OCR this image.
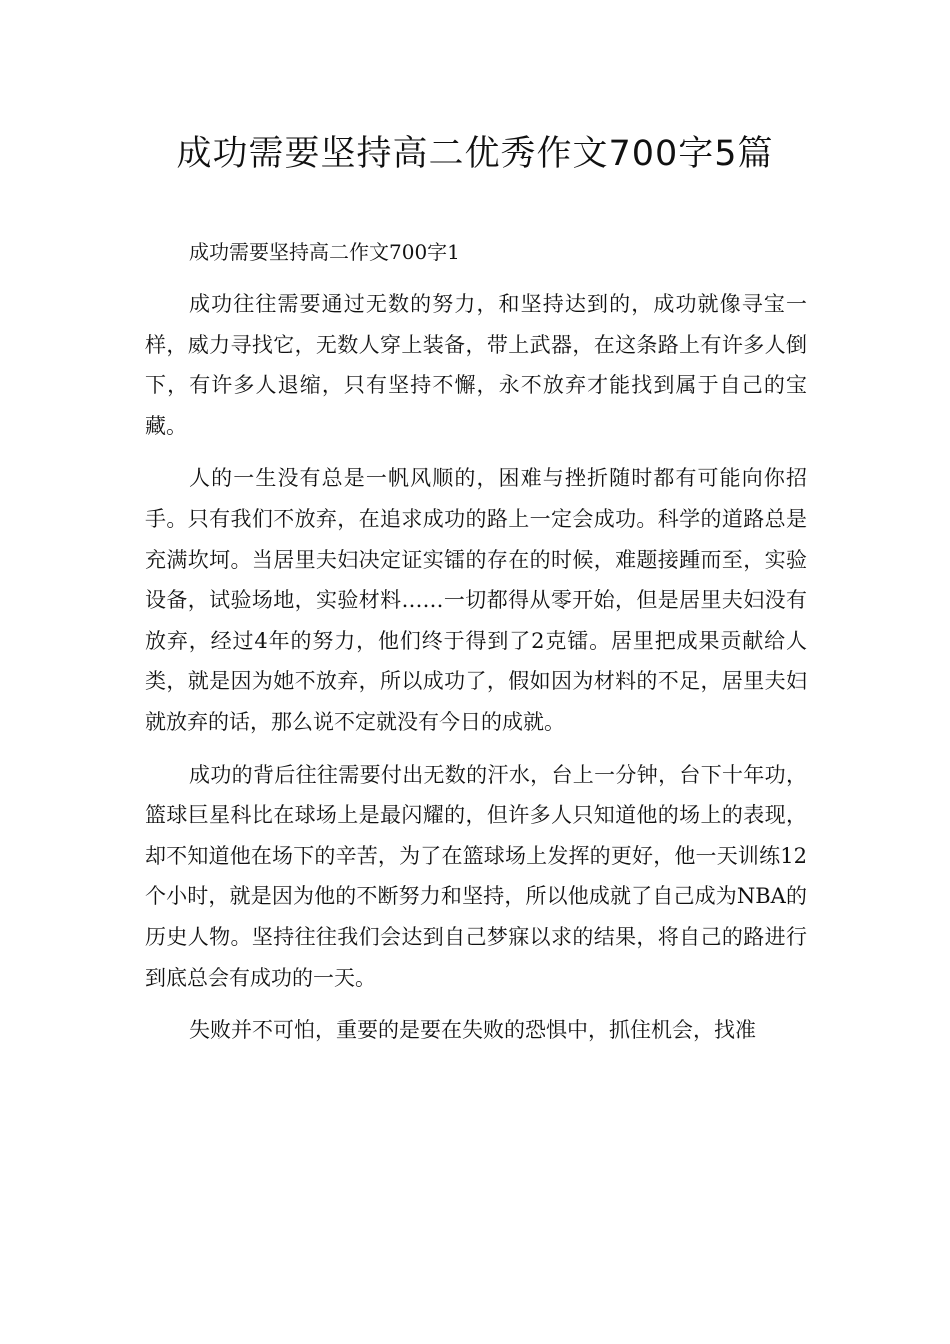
成功需要坚持高二优秀作文700字5篇

成功需要坚持高二作文700字1

成功往往需要通过无数的努力，和坚持达到的，成功就像寻宝一样，威力寻找它，无数人穿上装备，带上武器，在这条路上有许多人倒下，有许多人退缩，只有坚持不懈，永不放弃才能找到属于自己的宝藏。

人的一生没有总是一帆风顺的，困难与挫折随时都有可能向你招手。只有我们不放弃，在追求成功的路上一定会成功。科学的道路总是充满坎坷。当居里夫妇决定证实镭的存在的时候，难题接踵而至，实验设备，试验场地，实验材料……一切都得从零开始，但是居里夫妇没有放弃，经过4年的努力，他们终于得到了2克镭。居里把成果贡献给人类，就是因为她不放弃，所以成功了，假如因为材料的不足，居里夫妇就放弃的话，那么说不定就没有今日的成就。

成功的背后往往需要付出无数的汗水，台上一分钟，台下十年功，篮球巨星科比在球场上是最闪耀的，但许多人只知道他的场上的表现，却不知道他在场下的辛苦，为了在篮球场上发挥的更好，他一天训练12个小时，就是因为他的不断努力和坚持，所以他成就了自己成为NBA的历史人物。坚持往往我们会达到自己梦寐以求的结果，将自己的路进行到底总会有成功的一天。

失败并不可怕，重要的是要在失败的恐惧中，抓住机会，找准
